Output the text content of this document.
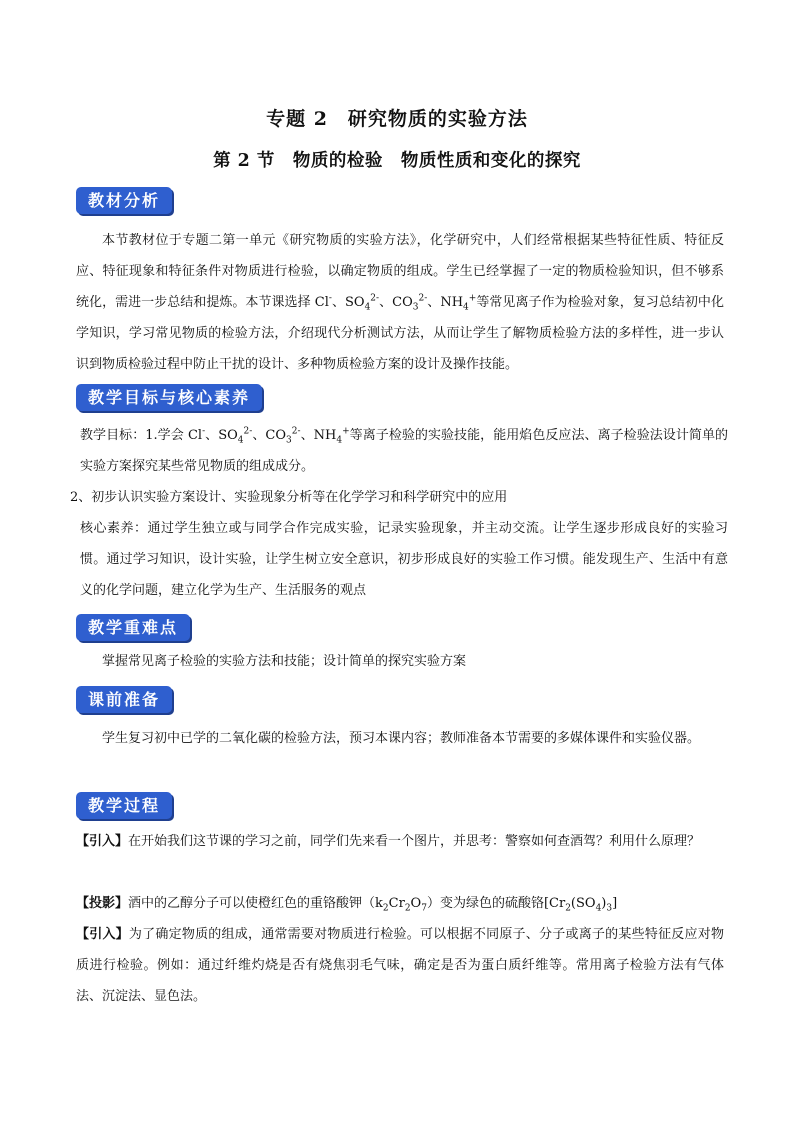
专题 2　研究物质的实验方法
第 2 节　物质的检验　物质性质和变化的探究
教材分析
本节教材位于专题二第一单元《研究物质的实验方法》，化学研究中，人们经常根据某些特征性质、特征反应、特征现象和特征条件对物质进行检验，以确定物质的组成。学生已经掌握了一定的物质检验知识，但不够系统化，需进一步总结和提炼。本节课选择 Cl-、$SO_4^{2-}$、$CO_3^{2-}$、$NH_4^+$等常见离子作为检验对象，复习总结初中化学知识，学习常见物质的检验方法，介绍现代分析测试方法，从而让学生了解物质检验方法的多样性，进一步认识到物质检验过程中防止干扰的设计、多种物质检验方案的设计及操作技能。
教学目标与核心素养
教学目标：1.学会 Cl-、$SO_4^{2-}$、$CO_3^{2-}$、$NH_4^+$等离子检验的实验技能，能用焰色反应法、离子检验法设计简单的实验方案探究某些常见物质的组成成分。
2、初步认识实验方案设计、实验现象分析等在化学学习和科学研究中的应用
核心素养：通过学生独立或与同学合作完成实验，记录实验现象，并主动交流。让学生逐步形成良好的实验习惯。通过学习知识，设计实验，让学生树立安全意识，初步形成良好的实验工作习惯。能发现生产、生活中有意义的化学问题，建立化学为生产、生活服务的观点
教学重难点
掌握常见离子检验的实验方法和技能；设计简单的探究实验方案
课前准备
学生复习初中已学的二氧化碳的检验方法，预习本课内容；教师准备本节需要的多媒体课件和实验仪器。
教学过程
【引入】在开始我们这节课的学习之前，同学们先来看一个图片，并思考：警察如何查酒驾？利用什么原理？
【投影】酒中的乙醇分子可以使橙红色的重铬酸钾$(k_2Cr_2O_7)$变为绿色的硫酸铬$[Cr_2(SO_4)_3]$
【引入】为了确定物质的组成，通常需要对物质进行检验。可以根据不同原子、分子或离子的某些特征反应对物质进行检验。例如：通过纤维灼烧是否有烧焦羽毛气味，确定是否为蛋白质纤维等。常用离子检验方法有气体法、沉淀法、显色法。
